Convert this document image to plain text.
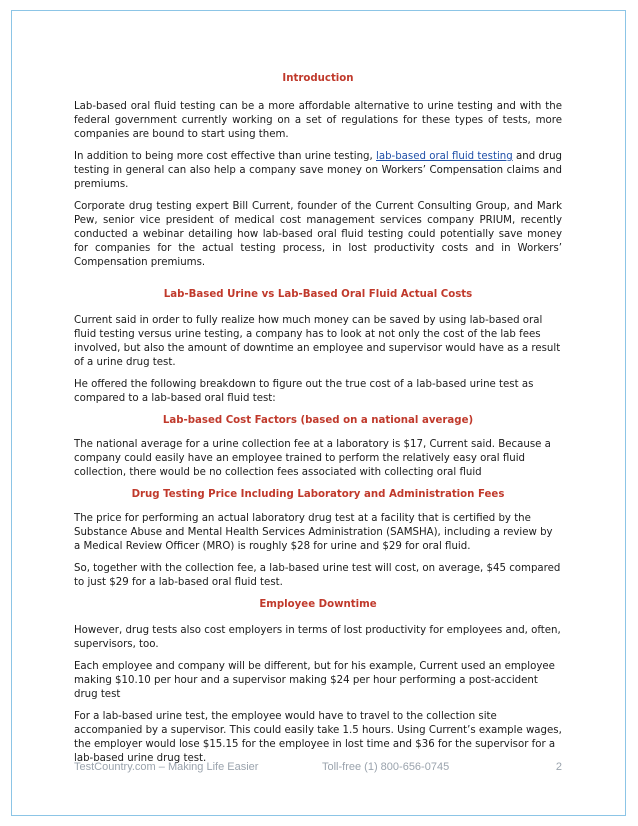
Introduction

Lab-based oral fluid testing can be a more affordable alternative to urine testing and with the federal government currently working on a set of regulations for these types of tests, more companies are bound to start using them.

In addition to being more cost effective than urine testing, lab-based oral fluid testing and drug testing in general can also help a company save money on Workers’ Compensation claims and premiums.

Corporate drug testing expert Bill Current, founder of the Current Consulting Group, and Mark Pew, senior vice president of medical cost management services company PRIUM, recently conducted a webinar detailing how lab-based oral fluid testing could potentially save money for companies for the actual testing process, in lost productivity costs and in Workers’ Compensation premiums.

Lab-Based Urine vs Lab-Based Oral Fluid Actual Costs

Current said in order to fully realize how much money can be saved by using lab-based oral fluid testing versus urine testing, a company has to look at not only the cost of the lab fees involved, but also the amount of downtime an employee and supervisor would have as a result of a urine drug test.

He offered the following breakdown to figure out the true cost of a lab-based urine test as compared to a lab-based oral fluid test:

Lab-based Cost Factors (based on a national average)

The national average for a urine collection fee at a laboratory is $17, Current said. Because a company could easily have an employee trained to perform the relatively easy oral fluid collection, there would be no collection fees associated with collecting oral fluid

Drug Testing Price Including Laboratory and Administration Fees

The price for performing an actual laboratory drug test at a facility that is certified by the Substance Abuse and Mental Health Services Administration (SAMSHA), including a review by a Medical Review Officer (MRO) is roughly $28 for urine and $29 for oral fluid.

So, together with the collection fee, a lab-based urine test will cost, on average, $45 compared to just $29 for a lab-based oral fluid test.

Employee Downtime

However, drug tests also cost employers in terms of lost productivity for employees and, often, supervisors, too.

Each employee and company will be different, but for his example, Current used an employee making $10.10 per hour and a supervisor making $24 per hour performing a post-accident drug test

For a lab-based urine test, the employee would have to travel to the collection site accompanied by a supervisor. This could easily take 1.5 hours. Using Current’s example wages, the employer would lose $15.15 for the employee in lost time and $36 for the supervisor for a lab-based urine drug test.

TestCountry.com – Making Life Easier	Toll-free (1) 800-656-0745	2
